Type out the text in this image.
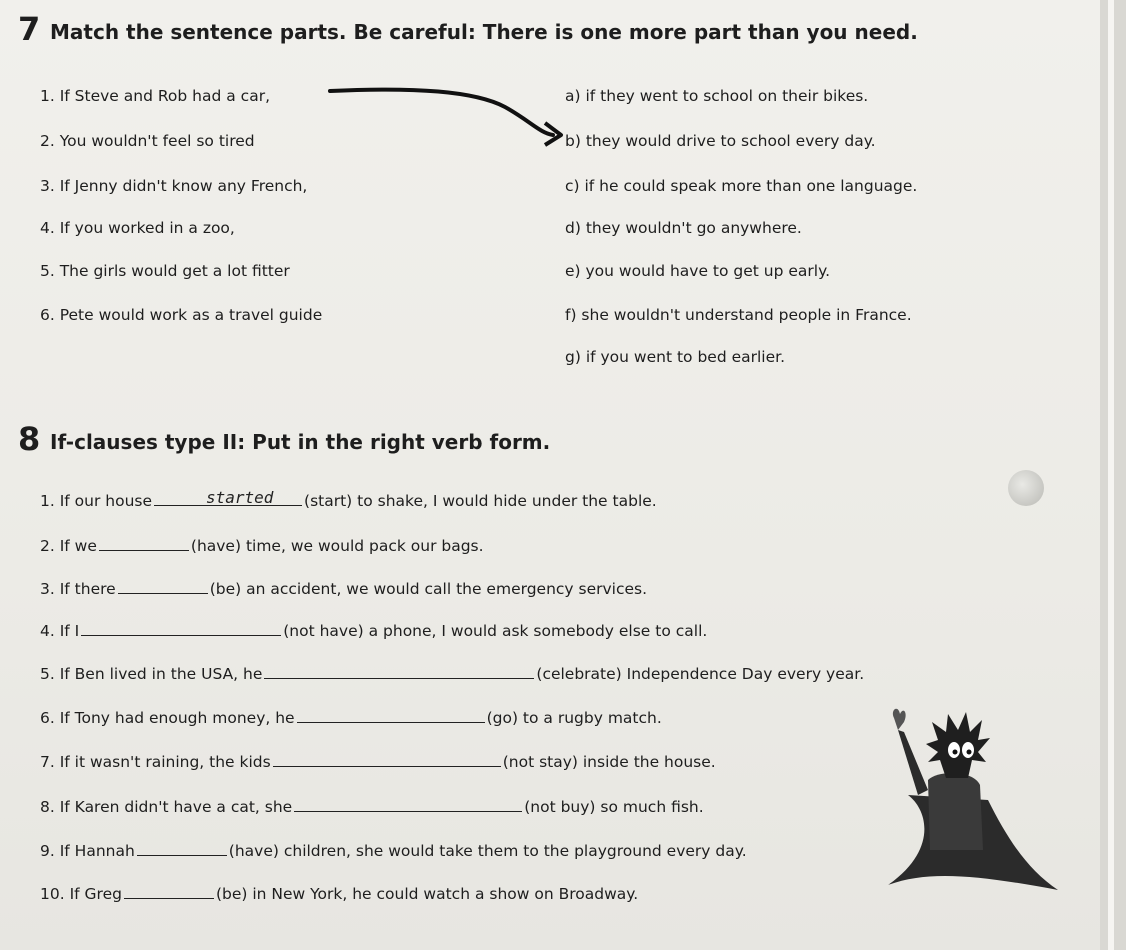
7 Match the sentence parts. Be careful: There is one more part than you need.
1. If Steve and Rob had a car,
2. You wouldn't feel so tired
3. If Jenny didn't know any French,
4. If you worked in a zoo,
5. The girls would get a lot fitter
6. Pete would work as a travel guide
a) if they went to school on their bikes.
b) they would drive to school every day.
c) if he could speak more than one language.
d) they wouldn't go anywhere.
e) you would have to get up early.
f) she wouldn't understand people in France.
g) if you went to bed earlier.
8 If-clauses type II: Put in the right verb form.
1. If our house	(start) to shake, I would hide under the table.
started
2. If we	(have) time, we would pack our bags.
3. If there	(be) an accident, we would call the emergency services.
4. If I	(not have) a phone, I would ask somebody else to call.
5. If Ben lived in the USA, he	(celebrate) Independence Day every year.
6. If Tony had enough money, he	(go) to a rugby match.
7. If it wasn't raining, the kids	(not stay) inside the house.
8. If Karen didn't have a cat, she	(not buy) so much fish.
9. If Hannah	(have) children, she would take them to the playground every day.
10. If Greg	(be) in New York, he could watch a show on Broadway.
